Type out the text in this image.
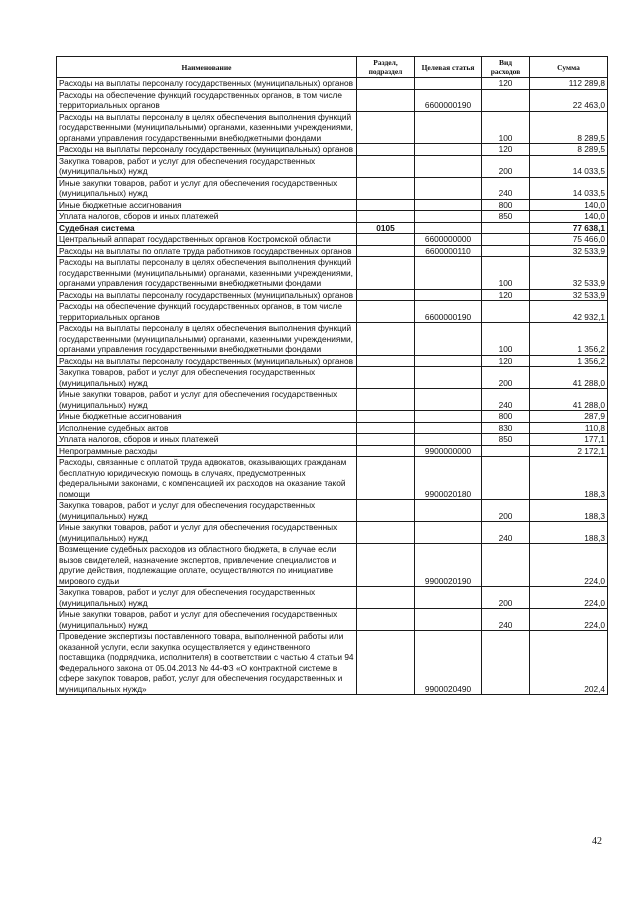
Наименование	Раздел, подраздел	Целевая статья	Вид расходов	Сумма
Расходы на выплаты персоналу государственных (муниципальных) органов			120	112 289,8
Расходы на обеспечение функций государственных органов, в том числе территориальных органов		6600000190		22 463,0
Расходы на выплаты персоналу в целях обеспечения выполнения функций государственными (муниципальными) органами, казенными учреждениями, органами управления государственными внебюджетными фондами			100	8 289,5
Расходы на выплаты персоналу государственных (муниципальных) органов			120	8 289,5
Закупка товаров, работ и услуг для обеспечения государственных (муниципальных) нужд			200	14 033,5
Иные закупки товаров, работ и услуг для обеспечения государственных (муниципальных) нужд			240	14 033,5
Иные бюджетные ассигнования			800	140,0
Уплата налогов, сборов и иных платежей			850	140,0
Судебная система	0105			77 638,1
Центральный аппарат государственных органов Костромской области		6600000000		75 466,0
Расходы на выплаты по оплате труда работников государственных органов		6600000110		32 533,9
Расходы на выплаты персоналу в целях обеспечения выполнения функций государственными (муниципальными) органами, казенными учреждениями, органами управления государственными внебюджетными фондами			100	32 533,9
Расходы на выплаты персоналу государственных (муниципальных) органов			120	32 533,9
Расходы на обеспечение функций государственных органов, в том числе территориальных органов		6600000190		42 932,1
Расходы на выплаты персоналу в целях обеспечения выполнения функций государственными (муниципальными) органами, казенными учреждениями, органами управления государственными внебюджетными фондами			100	1 356,2
Расходы на выплаты персоналу государственных (муниципальных) органов			120	1 356,2
Закупка товаров, работ и услуг для обеспечения государственных (муниципальных) нужд			200	41 288,0
Иные закупки товаров, работ и услуг для обеспечения государственных (муниципальных) нужд			240	41 288,0
Иные бюджетные ассигнования			800	287,9
Исполнение судебных актов			830	110,8
Уплата налогов, сборов и иных платежей			850	177,1
Непрограммные расходы		9900000000		2 172,1
Расходы, связанные с оплатой труда адвокатов, оказывающих гражданам бесплатную юридическую помощь в случаях, предусмотренных федеральными законами, с компенсацией их расходов на оказание такой помощи		9900020180		188,3
Закупка товаров, работ и услуг для обеспечения государственных (муниципальных) нужд			200	188,3
Иные закупки товаров, работ и услуг для обеспечения государственных (муниципальных) нужд			240	188,3
Возмещение судебных расходов из областного бюджета, в случае если вызов свидетелей, назначение экспертов, привлечение специалистов и другие действия, подлежащие оплате, осуществляются по инициативе мирового судьи		9900020190		224,0
Закупка товаров, работ и услуг для обеспечения государственных (муниципальных) нужд			200	224,0
Иные закупки товаров, работ и услуг для обеспечения государственных (муниципальных) нужд			240	224,0
Проведение экспертизы поставленного товара, выполненной работы или оказанной услуги, если закупка осуществляется у единственного поставщика (подрядчика, исполнителя) в соответствии с частью 4 статьи 94 Федерального закона от 05.04.2013 № 44-ФЗ «О контрактной системе в сфере закупок товаров, работ, услуг для обеспечения государственных и муниципальных нужд»		9900020490		202,4
42
